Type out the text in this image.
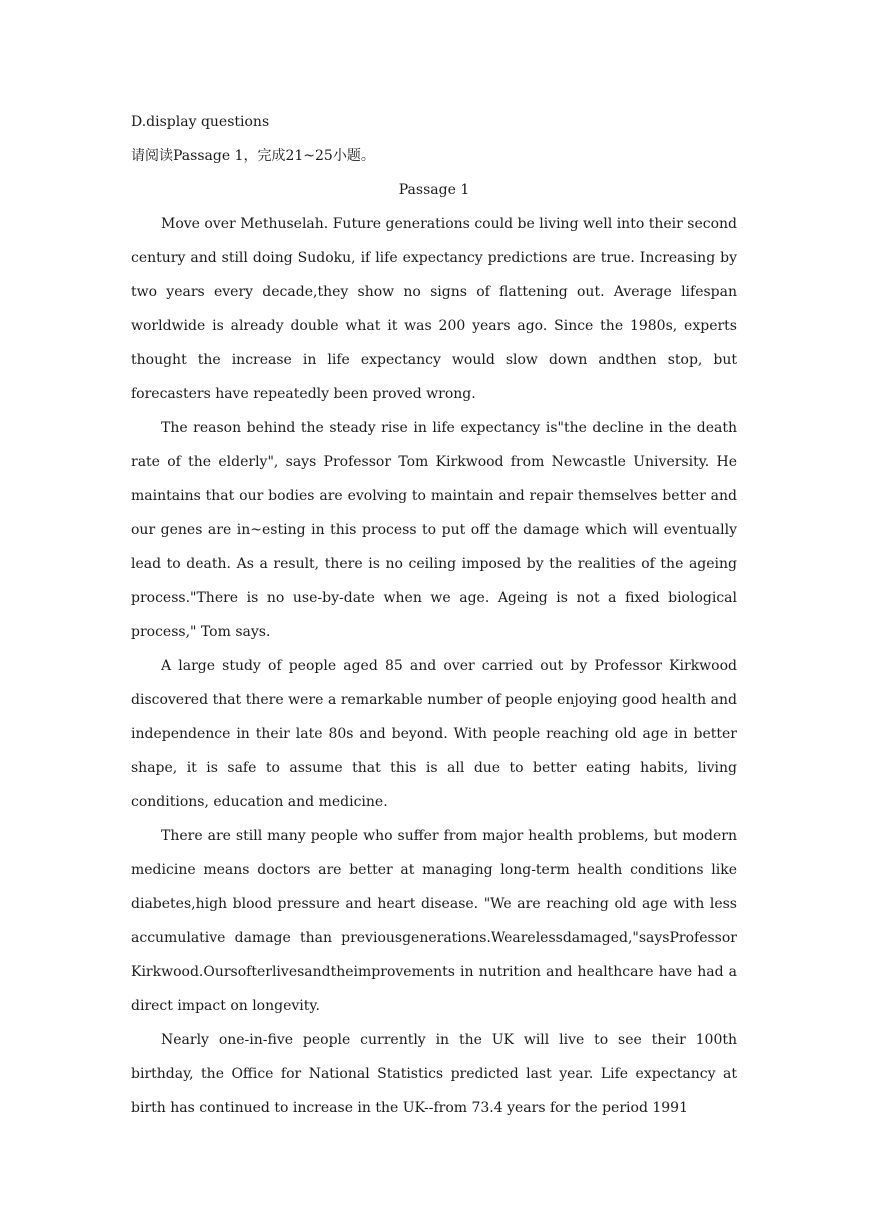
D.display questions

请阅读Passage 1，完成21~25小题。

Passage 1

Move over Methuselah. Future generations could be living well into their second century and still doing Sudoku, if life expectancy predictions are true. Increasing by two years every decade,they show no signs of flattening out. Average lifespan worldwide is already double what it was 200 years ago. Since the 1980s, experts thought the increase in life expectancy would slow down andthen stop, but forecasters have repeatedly been proved wrong.

The reason behind the steady rise in life expectancy is"the decline in the death rate of the elderly", says Professor Tom Kirkwood from Newcastle University. He maintains that our bodies are evolving to maintain and repair themselves better and our genes are in~esting in this process to put off the damage which will eventually lead to death. As a result, there is no ceiling imposed by the realities of the ageing process."There is no use-by-date when we age. Ageing is not a fixed biological process," Tom says.

A large study of people aged 85 and over carried out by Professor Kirkwood discovered that there were a remarkable number of people enjoying good health and independence in their late 80s and beyond. With people reaching old age in better shape, it is safe to assume that this is all due to better eating habits, living conditions, education and medicine.

There are still many people who suffer from major health problems, but modern medicine means doctors are better at managing long-term health conditions like diabetes,high blood pressure and heart disease. "We are reaching old age with less accumulative damage than previousgenerations.Wearelessdamaged,"saysProfessor Kirkwood.Oursofterlivesandtheimprovements in nutrition and healthcare have had a direct impact on longevity.

Nearly one-in-five people currently in the UK will live to see their 100th birthday, the Office for National Statistics predicted last year. Life expectancy at birth has continued to increase in the UK--from 73.4 years for the period 1991
